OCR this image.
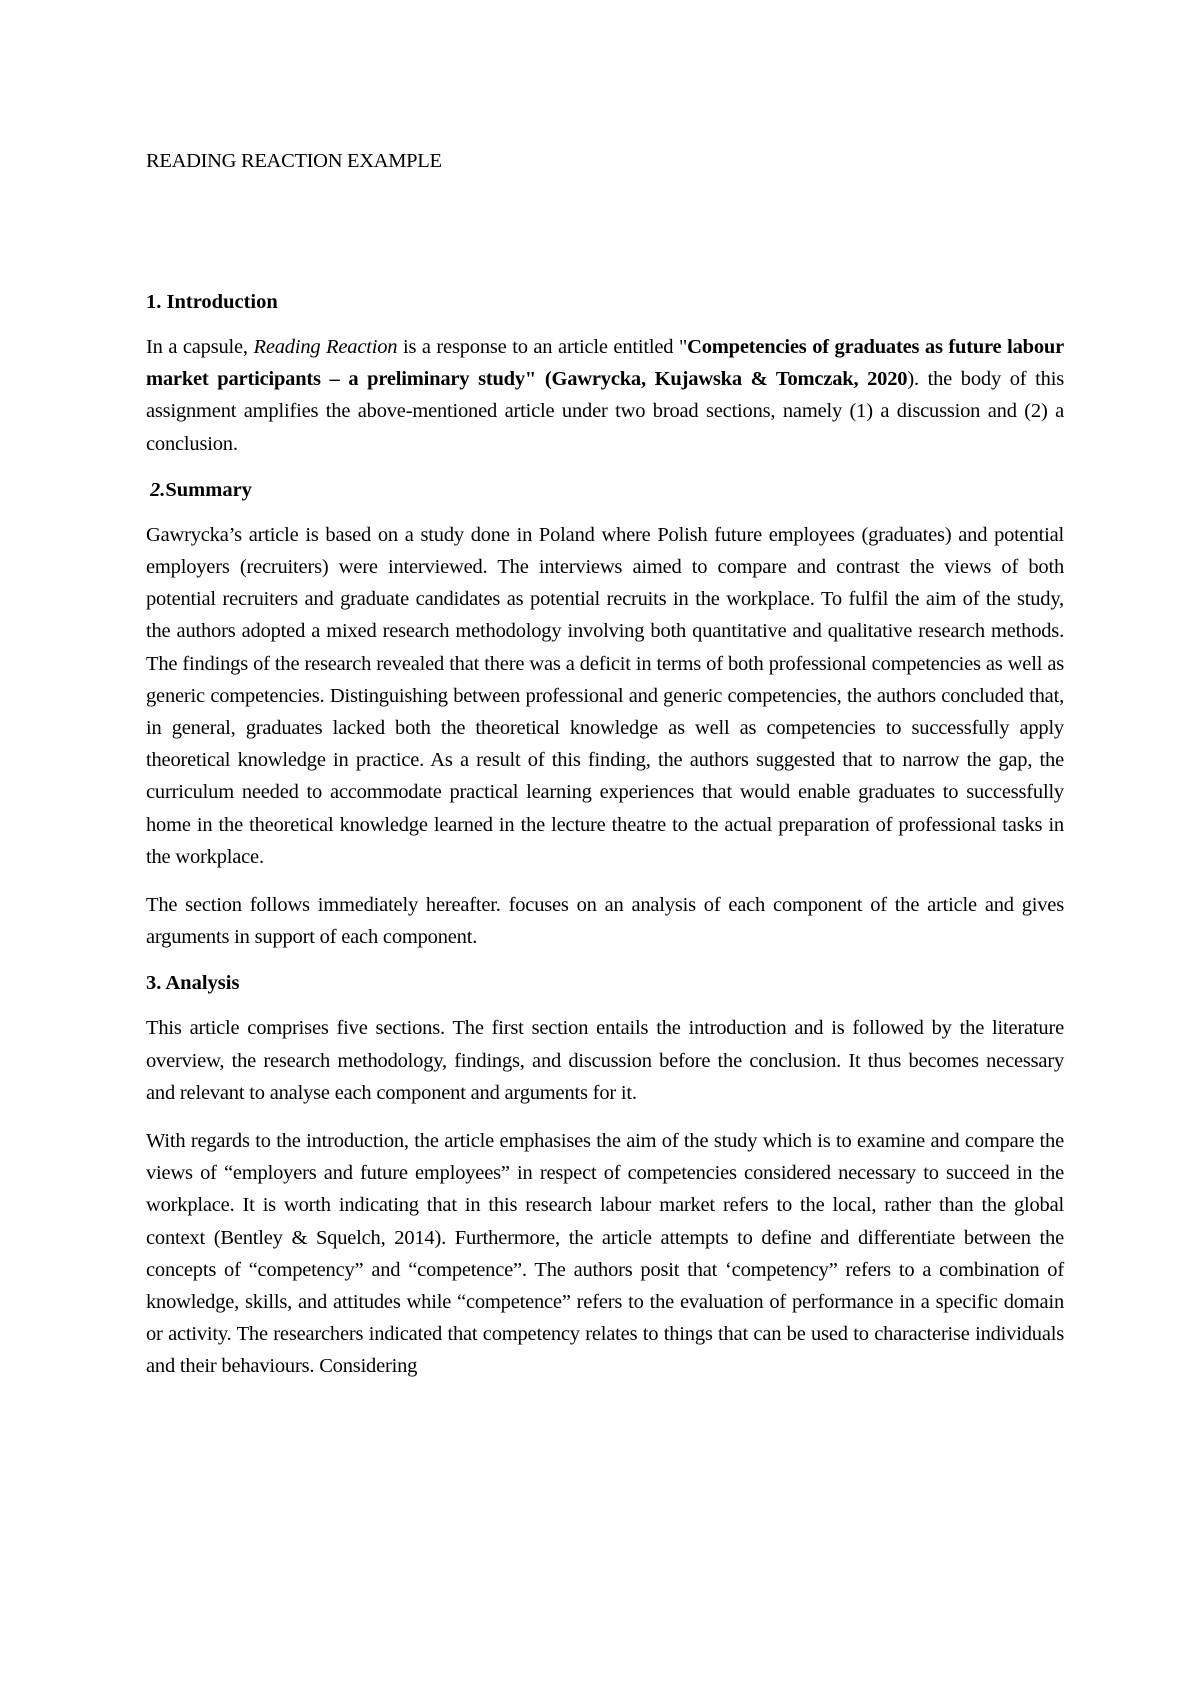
READING REACTION EXAMPLE
1. Introduction

In a capsule, Reading Reaction is a response to an article entitled "Competencies of graduates as future labour market participants – a preliminary study" (Gawrycka, Kujawska & Tomczak, 2020). the body of this assignment amplifies the above-mentioned article under two broad sections, namely (1) a discussion and (2) a conclusion.

2.Summary

Gawrycka’s article is based on a study done in Poland where Polish future employees (graduates) and potential employers (recruiters) were interviewed. The interviews aimed to compare and contrast the views of both potential recruiters and graduate candidates as potential recruits in the workplace. To fulfil the aim of the study, the authors adopted a mixed research methodology involving both quantitative and qualitative research methods. The findings of the research revealed that there was a deficit in terms of both professional competencies as well as generic competencies. Distinguishing between professional and generic competencies, the authors concluded that, in general, graduates lacked both the theoretical knowledge as well as competencies to successfully apply theoretical knowledge in practice. As a result of this finding, the authors suggested that to narrow the gap, the curriculum needed to accommodate practical learning experiences that would enable graduates to successfully home in the theoretical knowledge learned in the lecture theatre to the actual preparation of professional tasks in the workplace.

The section follows immediately hereafter. focuses on an analysis of each component of the article and gives arguments in support of each component.

3. Analysis

This article comprises five sections. The first section entails the introduction and is followed by the literature overview, the research methodology, findings, and discussion before the conclusion. It thus becomes necessary and relevant to analyse each component and arguments for it.

With regards to the introduction, the article emphasises the aim of the study which is to examine and compare the views of “employers and future employees” in respect of competencies considered necessary to succeed in the workplace. It is worth indicating that in this research labour market refers to the local, rather than the global context (Bentley & Squelch, 2014). Furthermore, the article attempts to define and differentiate between the concepts of “competency” and “competence”. The authors posit that ‘competency” refers to a combination of knowledge, skills, and attitudes while “competence” refers to the evaluation of performance in a specific domain or activity. The researchers indicated that competency relates to things that can be used to characterise individuals and their behaviours. Considering
